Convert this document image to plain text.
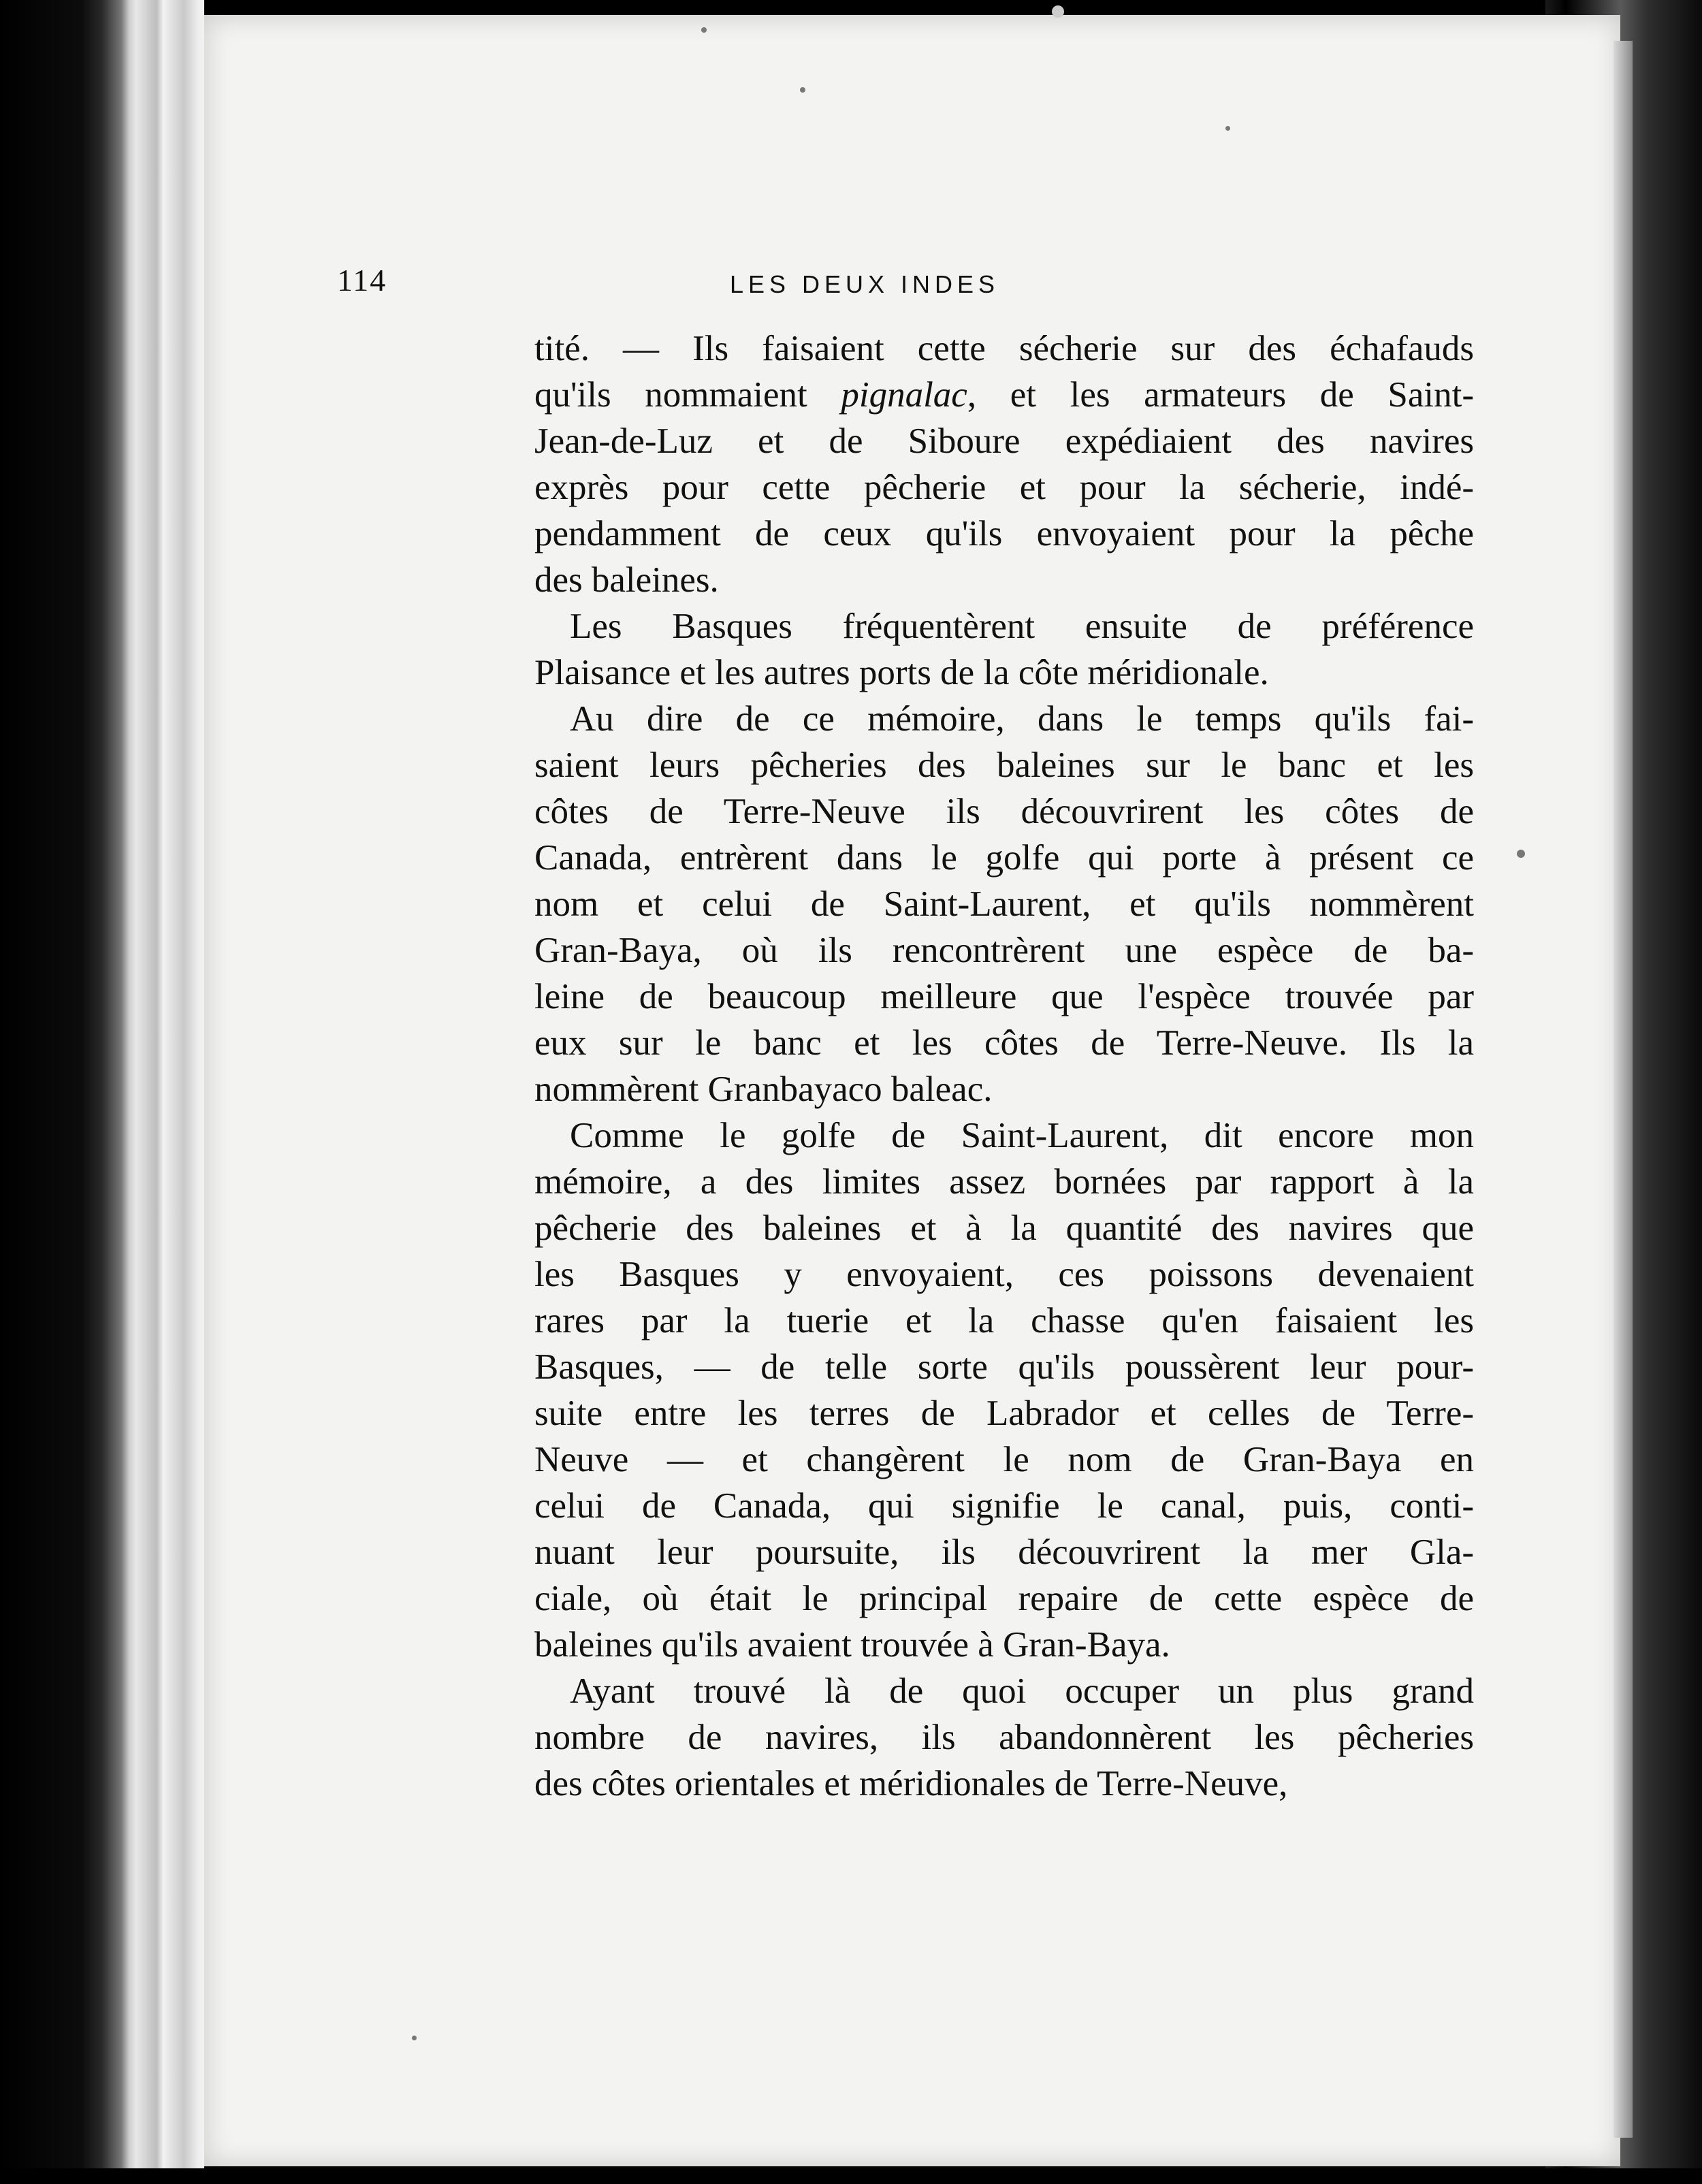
114	LES DEUX INDES
tité. — Ils faisaient cette sécherie sur des échafauds
qu'ils nommaient pignalac, et les armateurs de Saint-
Jean-de-Luz et de Siboure expédiaient des navires
exprès pour cette pêcherie et pour la sécherie, indé-
pendamment de ceux qu'ils envoyaient pour la pêche
des baleines.
Les Basques fréquentèrent ensuite de préférence
Plaisance et les autres ports de la côte méridionale.
Au dire de ce mémoire, dans le temps qu'ils fai-
saient leurs pêcheries des baleines sur le banc et les
côtes de Terre-Neuve ils découvrirent les côtes de
Canada, entrèrent dans le golfe qui porte à présent ce
nom et celui de Saint-Laurent, et qu'ils nommèrent
Gran-Baya, où ils rencontrèrent une espèce de ba-
leine de beaucoup meilleure que l'espèce trouvée par
eux sur le banc et les côtes de Terre-Neuve. Ils la
nommèrent Granbayaco baleac.
Comme le golfe de Saint-Laurent, dit encore mon
mémoire, a des limites assez bornées par rapport à la
pêcherie des baleines et à la quantité des navires que
les Basques y envoyaient, ces poissons devenaient
rares par la tuerie et la chasse qu'en faisaient les
Basques, — de telle sorte qu'ils poussèrent leur pour-
suite entre les terres de Labrador et celles de Terre-
Neuve — et changèrent le nom de Gran-Baya en
celui de Canada, qui signifie le canal, puis, conti-
nuant leur poursuite, ils découvrirent la mer Gla-
ciale, où était le principal repaire de cette espèce de
baleines qu'ils avaient trouvée à Gran-Baya.
Ayant trouvé là de quoi occuper un plus grand
nombre de navires, ils abandonnèrent les pêcheries
des côtes orientales et méridionales de Terre-Neuve,
